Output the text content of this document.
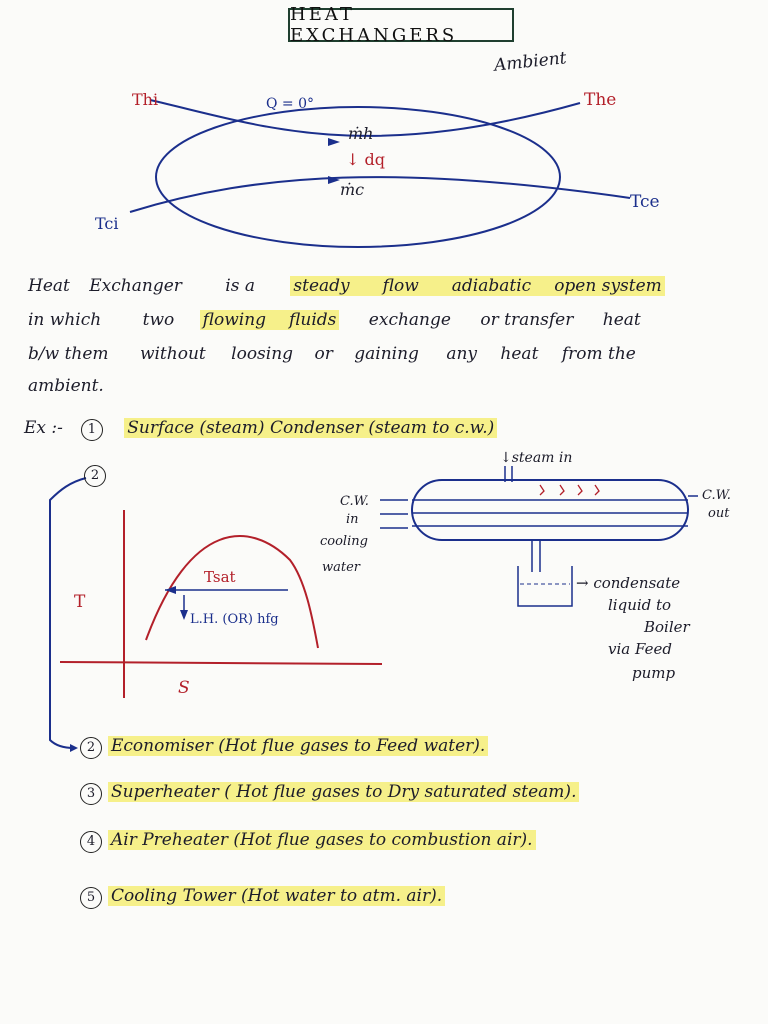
HEAT EXCHANGERS
Ambient
Thi	The
Tci
Tce
Q = 0°
ṁh
↓ dq
ṁc
Heat Exchanger	is a steady flow adiabatic open system
in which two flowing fluids exchange or transfer heat
b/w them without loosing or gaining any heat from the
ambient.
Ex :- 1 Surface (steam) Condenser (steam to c.w.)
2
T
S
Tsat
L.H. (OR) hfg
↓steam in
C.W.
in
cooling
water
C.W.
out
→ condensate
liquid to
Boiler
via Feed
pump
2 Economiser (Hot flue gases to Feed water).
3 Superheater ( Hot flue gases to Dry saturated steam).
4 Air Preheater (Hot flue gases to combustion air).
5 Cooling Tower (Hot water to atm. air).
